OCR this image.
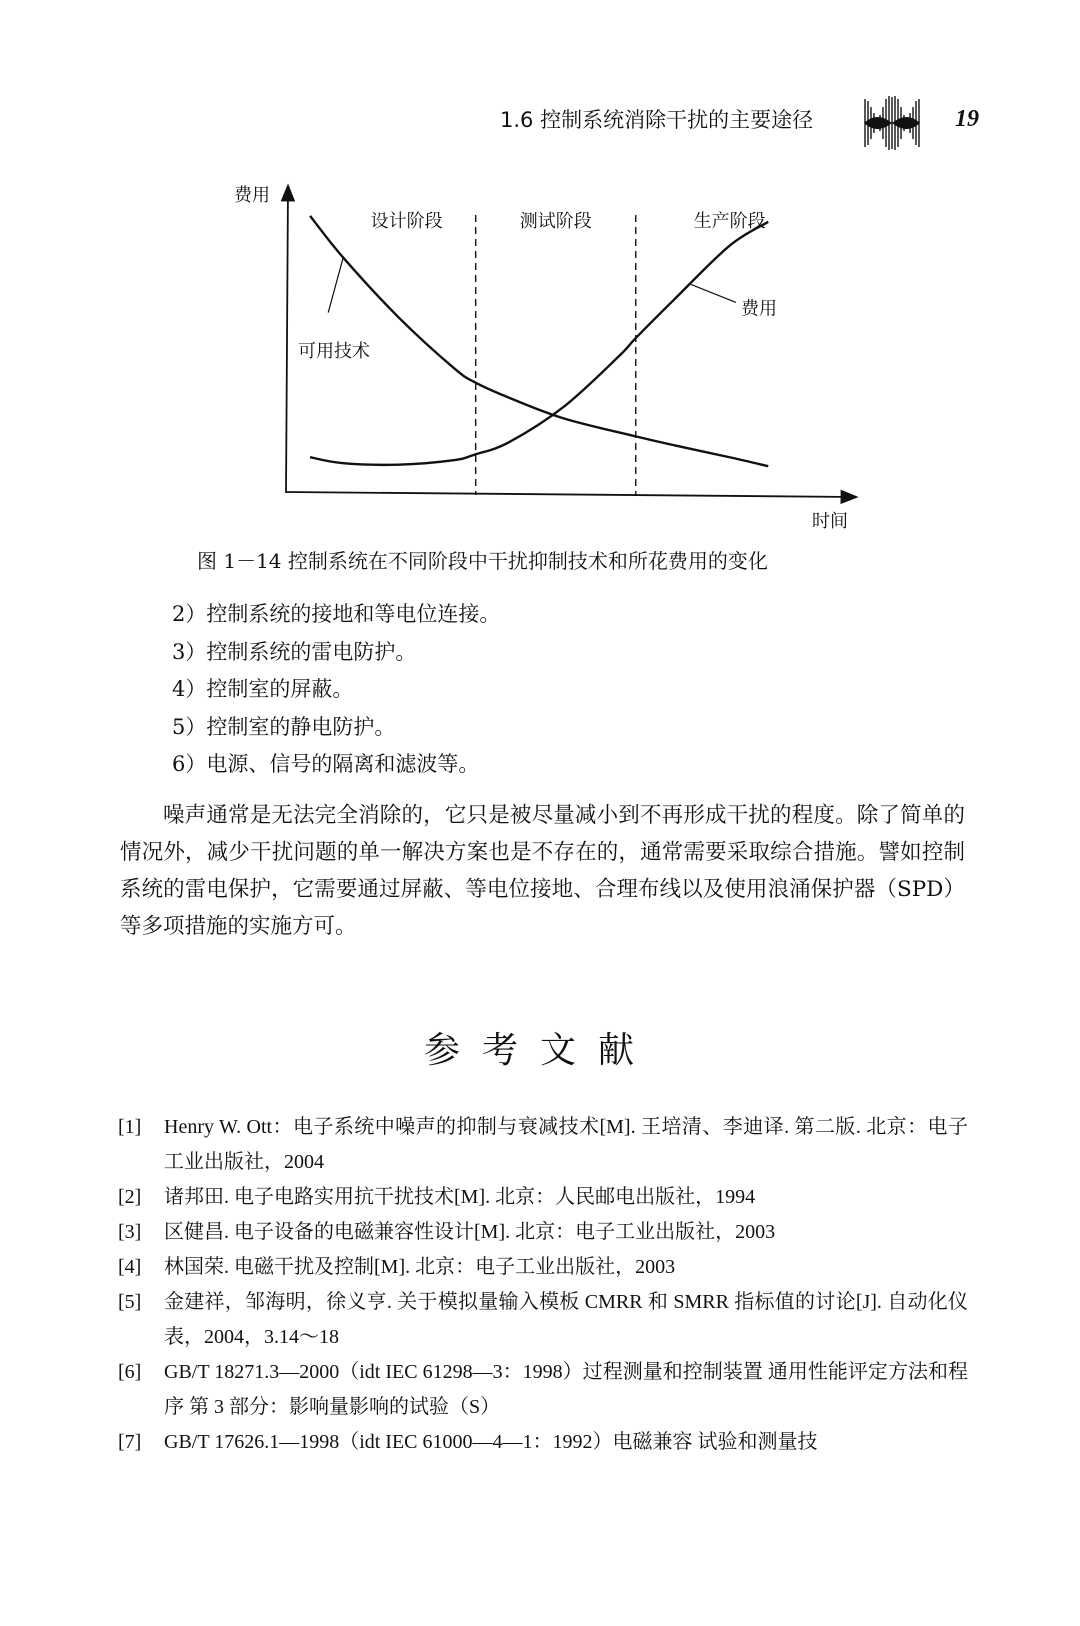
1.6 控制系统消除干扰的主要途径	19
费用
时间
设计阶段	测试阶段	生产阶段
可用技术
费用
图 1－14 控制系统在不同阶段中干扰抑制技术和所花费用的变化
2）控制系统的接地和等电位连接。
3）控制系统的雷电防护。
4）控制室的屏蔽。
5）控制室的静电防护。
6）电源、信号的隔离和滤波等。
噪声通常是无法完全消除的，它只是被尽量减小到不再形成干扰的程度。除了简单的情况外，减少干扰问题的单一解决方案也是不存在的，通常需要采取综合措施。譬如控制系统的雷电保护，它需要通过屏蔽、等电位接地、合理布线以及使用浪涌保护器（SPD）等多项措施的实施方可。
参考文献
[1]	Henry W. Ott：电子系统中噪声的抑制与衰减技术[M]. 王培清、李迪译. 第二版. 北京：电子工业出版社，2004
[2]	诸邦田. 电子电路实用抗干扰技术[M]. 北京：人民邮电出版社，1994
[3]	区健昌. 电子设备的电磁兼容性设计[M]. 北京：电子工业出版社，2003
[4]	林国荣. 电磁干扰及控制[M]. 北京：电子工业出版社，2003
[5]	金建祥，邹海明，徐义亨. 关于模拟量输入模板 CMRR 和 SMRR 指标值的讨论[J]. 自动化仪表，2004，3.14～18
[6]	GB/T 18271.3—2000（idt IEC 61298—3：1998）过程测量和控制装置 通用性能评定方法和程序 第 3 部分：影响量影响的试验（S）
[7]	GB/T 17626.1—1998（idt IEC 61000—4—1：1992）电磁兼容 试验和测量技
